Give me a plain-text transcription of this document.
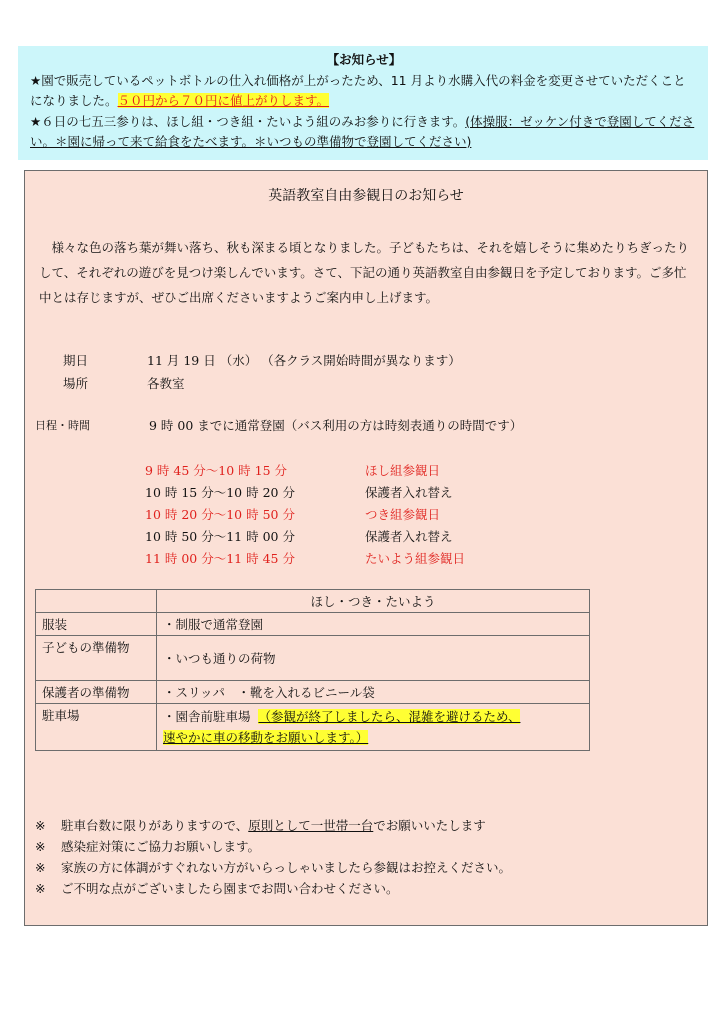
【お知らせ】

★園で販売しているペットボトルの仕入れ価格が上がったため、11 月より水購入代の料金を変更させていただくことになりました。５０円から７０円に値上がりします。

★６日の七五三参りは、ほし組・つき組・たいよう組のみお参りに行きます。(体操服：ゼッケン付きで登園してください。＊園に帰って来て給食をたべます。＊いつもの準備物で登園してください)

英語教室自由参観日のお知らせ

様々な色の落ち葉が舞い落ち、秋も深まる頃となりました。子どもたちは、それを嬉しそうに集めたりちぎったりして、それぞれの遊びを見つけ楽しんでいます。さて、下記の通り英語教室自由参観日を予定しております。ご多忙中とは存じますが、ぜひご出席くださいますようご案内申し上げます。

期日	11 月 19 日 （水） （各クラス開始時間が異なります）
場所	各教室
日程・時間	9 時 00 までに通常登園（バス利用の方は時刻表通りの時間です）
9 時 45 分～10 時 15 分	ほし組参観日
10 時 15 分～10 時 20 分	保護者入れ替え
10 時 20 分～10 時 50 分	つき組参観日
10 時 50 分～11 時 00 分	保護者入れ替え
11 時 00 分～11 時 45 分	たいよう組参観日
	ほし・つき・たいよう
服装	・制服で通常登園
子どもの準備物	・いつも通りの荷物
保護者の準備物	・スリッパ　・靴を入れるビニール袋
駐車場	・園舎前駐車場 （参観が終了しましたら、混雑を避けるため、
速やかに車の移動をお願いします。）
※ 駐車台数に限りがありますので、原則として一世帯一台でお願いいたします
※ 感染症対策にご協力お願いします。
※ 家族の方に体調がすぐれない方がいらっしゃいましたら参観はお控えください。
※ ご不明な点がございましたら園までお問い合わせください。
